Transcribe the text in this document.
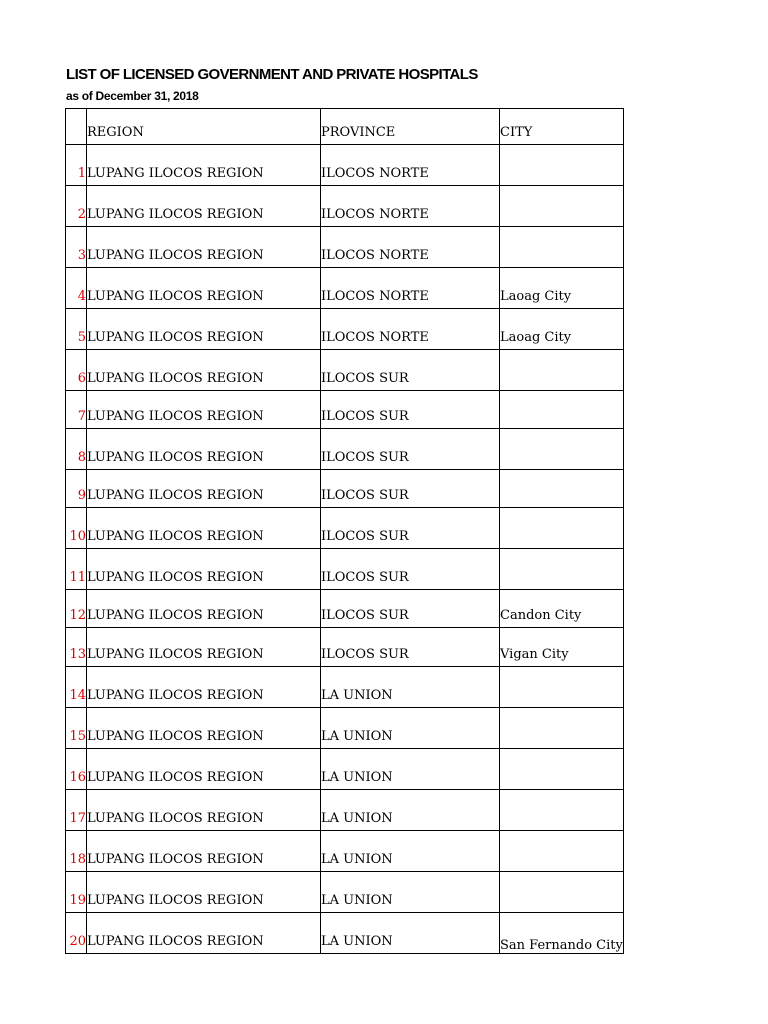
LIST OF LICENSED GOVERNMENT AND PRIVATE HOSPITALS
as of December 31, 2018
	REGION	PROVINCE	CITY
1	LUPANG ILOCOS REGION	ILOCOS NORTE	
2	LUPANG ILOCOS REGION	ILOCOS NORTE	
3	LUPANG ILOCOS REGION	ILOCOS NORTE	
4	LUPANG ILOCOS REGION	ILOCOS NORTE	Laoag City
5	LUPANG ILOCOS REGION	ILOCOS NORTE	Laoag City
6	LUPANG ILOCOS REGION	ILOCOS SUR	
7	LUPANG ILOCOS REGION	ILOCOS SUR	
8	LUPANG ILOCOS REGION	ILOCOS SUR	
9	LUPANG ILOCOS REGION	ILOCOS SUR	
10	LUPANG ILOCOS REGION	ILOCOS SUR	
11	LUPANG ILOCOS REGION	ILOCOS SUR	
12	LUPANG ILOCOS REGION	ILOCOS SUR	Candon City
13	LUPANG ILOCOS REGION	ILOCOS SUR	Vigan City
14	LUPANG ILOCOS REGION	LA UNION	
15	LUPANG ILOCOS REGION	LA UNION	
16	LUPANG ILOCOS REGION	LA UNION	
17	LUPANG ILOCOS REGION	LA UNION	
18	LUPANG ILOCOS REGION	LA UNION	
19	LUPANG ILOCOS REGION	LA UNION	
20	LUPANG ILOCOS REGION	LA UNION	San Fernando City
